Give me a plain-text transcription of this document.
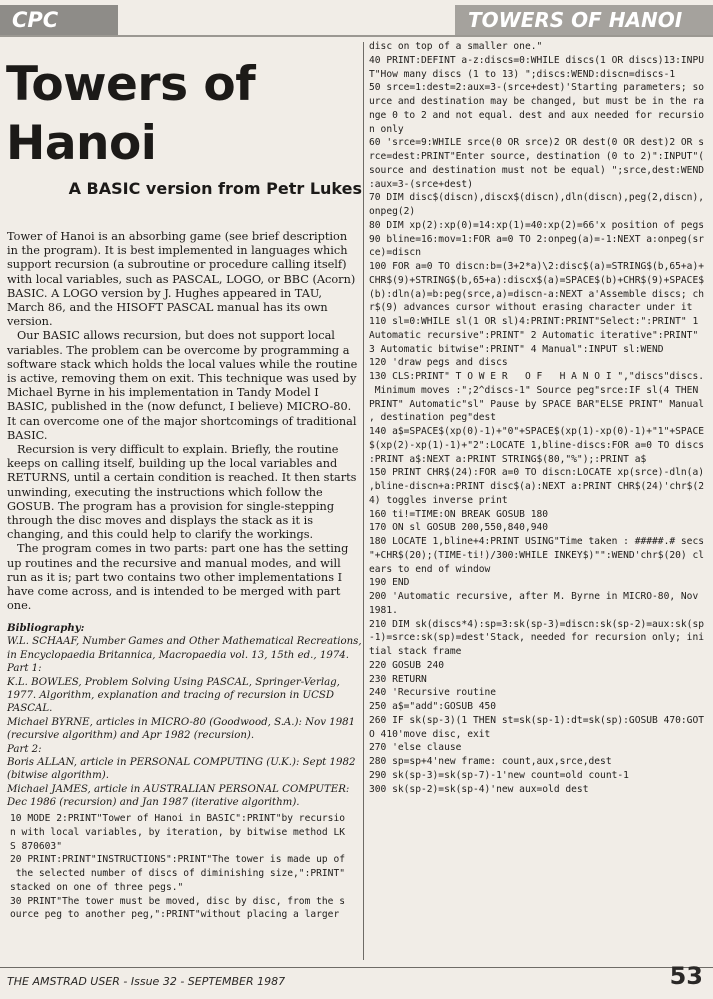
CPC	TOWERS OF HANOI
Towers of Hanoi
A BASIC version from Petr Lukes

Tower of Hanoi is an absorbing game (see brief description in the program). It is best implemented in languages which support recursion (a subroutine or procedure calling itself) with local variables, such as PASCAL, LOGO, or BBC (Acorn) BASIC. A LOGO version by J. Hughes appeared in TAU, March 86, and the HISOFT PASCAL manual has its own version.

Our BASIC allows recursion, but does not support local variables. The problem can be overcome by programming a software stack which holds the local values while the routine is active, removing them on exit. This technique was used by Michael Byrne in his implementation in Tandy Model I BASIC, published in the (now defunct, I believe) MICRO-80. It can overcome one of the major shortcomings of traditional BASIC.

Recursion is very difficult to explain. Briefly, the routine keeps on calling itself, building up the local variables and RETURNS, until a certain condition is reached. It then starts unwinding, executing the instructions which follow the GOSUB. The program has a provision for single-stepping through the disc moves and displays the stack as it is changing, and this could help to clarify the workings.

The program comes in two parts: part one has the setting up routines and the recursive and manual modes, and will run as it is; part two contains two other implementations I have come across, and is intended to be merged with part one.

Bibliography:
W.L. SCHAAF, Number Games and Other Mathematical Recreations, in Encyclopaedia Britannica, Macropaedia vol. 13, 15th ed., 1974.
Part 1:
K.L. BOWLES, Problem Solving Using PASCAL, Springer-Verlag, 1977. Algorithm, explanation and tracing of recursion in UCSD PASCAL.
Michael BYRNE, articles in MICRO-80 (Goodwood, S.A.): Nov 1981 (recursive algorithm) and Apr 1982 (recursion).
Part 2:
Boris ALLAN, article in PERSONAL COMPUTING (U.K.): Sept 1982 (bitwise algorithm).
Michael JAMES, article in AUSTRALIAN PERSONAL COMPUTER: Dec 1986 (recursion) and Jan 1987 (iterative algorithm).
10 MODE 2:PRINT"Tower of Hanoi in BASIC":PRINT"by recursio
n with local variables, by iteration, by bitwise method LK
S 870603"
20 PRINT:PRINT"INSTRUCTIONS":PRINT"The tower is made up of
the selected number of discs of diminishing size,":PRINT"
stacked on one of three pegs."
30 PRINT"The tower must be moved, disc by disc, from the s
ource peg to another peg,":PRINT"without placing a larger
disc on top of a smaller one."
40 PRINT:DEFINT a-z:discs=0:WHILE discs(1 OR discs)13:INPU
T"How many discs (1 to 13) ";discs:WEND:discn=discs-1
50 srce=1:dest=2:aux=3-(srce+dest)'Starting parameters; so
urce and destination may be changed, but must be in the ra
nge 0 to 2 and not equal. dest and aux needed for recursio
n only
60 'srce=9:WHILE srce(0 OR srce)2 OR dest(0 OR dest)2 OR s
rce=dest:PRINT"Enter source, destination (0 to 2)":INPUT"(
source and destination must not be equal) ";srce,dest:WEND
:aux=3-(srce+dest)
70 DIM disc$(discn),discx$(discn),dln(discn),peg(2,discn),
onpeg(2)
80 DIM xp(2):xp(0)=14:xp(1)=40:xp(2)=66'x position of pegs
90 bline=16:mov=1:FOR a=0 TO 2:onpeg(a)=-1:NEXT a:onpeg(sr
ce)=discn
100 FOR a=0 TO discn:b=(3+2*a)\2:disc$(a)=STRING$(b,65+a)+
CHR$(9)+STRING$(b,65+a):discx$(a)=SPACE$(b)+CHR$(9)+SPACE$
(b):dln(a)=b:peg(srce,a)=discn-a:NEXT a'Assemble discs; ch
r$(9) advances cursor without erasing character under it
110 sl=0:WHILE sl(1 OR sl)4:PRINT:PRINT"Select:":PRINT" 1
Automatic recursive":PRINT" 2 Automatic iterative":PRINT"
3 Automatic bitwise":PRINT" 4 Manual":INPUT sl:WEND
120 'draw pegs and discs
130 CLS:PRINT" T O W E R   O F   H A N O I ","discs"discs.
Minimum moves :";2^discs-1" Source peg"srce:IF sl(4 THEN
PRINT" Automatic"sl" Pause by SPACE BAR"ELSE PRINT" Manual
, destination peg"dest
140 a$=SPACE$(xp(0)-1)+"0"+SPACE$(xp(1)-xp(0)-1)+"1"+SPACE
$(xp(2)-xp(1)-1)+"2":LOCATE 1,bline-discs:FOR a=0 TO discs
:PRINT a$:NEXT a:PRINT STRING$(80,"%");:PRINT a$
150 PRINT CHR$(24):FOR a=0 TO discn:LOCATE xp(srce)-dln(a)
,bline-discn+a:PRINT disc$(a):NEXT a:PRINT CHR$(24)'chr$(2
4) toggles inverse print
160 ti!=TIME:ON BREAK GOSUB 180
170 ON sl GOSUB 200,550,840,940
180 LOCATE 1,bline+4:PRINT USING"Time taken : #####.# secs
"+CHR$(20);(TIME-ti!)/300:WHILE INKEY$)"":WEND'chr$(20) cl
ears to end of window
190 END
200 'Automatic recursive, after M. Byrne in MICRO-80, Nov
1981.
210 DIM sk(discs*4):sp=3:sk(sp-3)=discn:sk(sp-2)=aux:sk(sp
-1)=srce:sk(sp)=dest'Stack, needed for recursion only; ini
tial stack frame
220 GOSUB 240
230 RETURN
240 'Recursive routine
250 a$="add":GOSUB 450
260 IF sk(sp-3)(1 THEN st=sk(sp-1):dt=sk(sp):GOSUB 470:GOT
O 410'move disc, exit
270 'else clause
280 sp=sp+4'new frame: count,aux,srce,dest
290 sk(sp-3)=sk(sp-7)-1'new count=old count-1
300 sk(sp-2)=sk(sp-4)'new aux=old dest
THE AMSTRAD USER - Issue 32 - SEPTEMBER 1987	53
